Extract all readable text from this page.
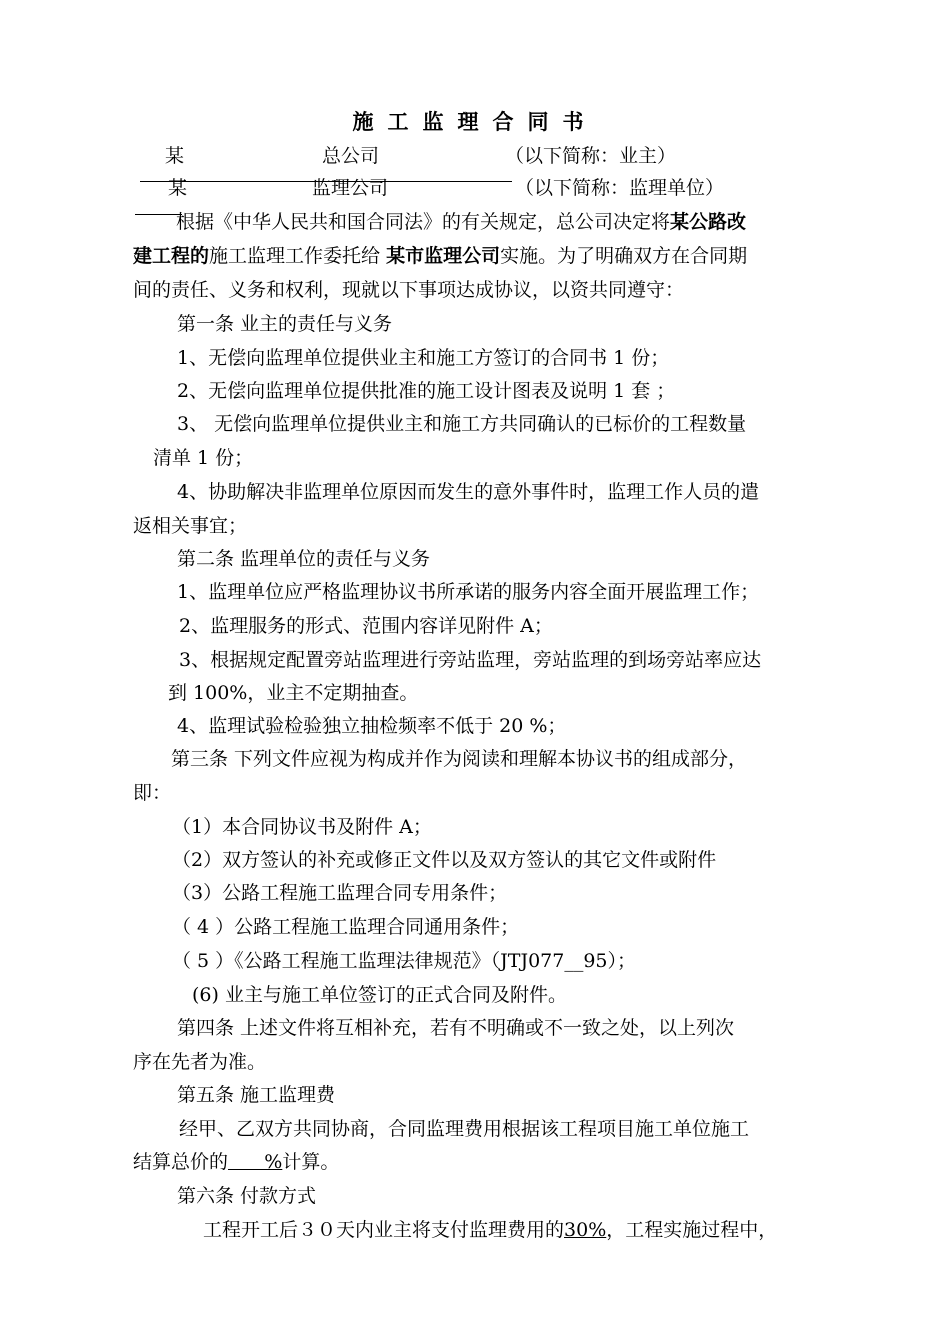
施工监理合同书
某	总公司	（以下简称：业主）
某	监理公司	（以下简称：监理单位）
根据《中华人民共和国合同法》的有关规定，总公司决定将某公路改
建工程的施工监理工作委托给 某市监理公司实施。为了明确双方在合同期
间的责任、义务和权利，现就以下事项达成协议，以资共同遵守：
第一条 业主的责任与义务
1、无偿向监理单位提供业主和施工方签订的合同书 1 份；
2、无偿向监理单位提供批准的施工设计图表及说明 1 套 ；
3、 无偿向监理单位提供业主和施工方共同确认的已标价的工程数量
清单 1 份；
4、协助解决非监理单位原因而发生的意外事件时，监理工作人员的遣
返相关事宜；
第二条 监理单位的责任与义务
1、监理单位应严格监理协议书所承诺的服务内容全面开展监理工作；
2、监理服务的形式、范围内容详见附件 A；
3、根据规定配置旁站监理进行旁站监理，旁站监理的到场旁站率应达
到 100%，业主不定期抽查。
4、监理试验检验独立抽检频率不低于 20 %；
第三条 下列文件应视为构成并作为阅读和理解本协议书的组成部分，
即：
（1）本合同协议书及附件 A；
（2）双方签认的补充或修正文件以及双方签认的其它文件或附件
（3）公路工程施工监理合同专用条件；
（ 4 ）公路工程施工监理合同通用条件；
（ 5 ）《公路工程施工监理法律规范》（JTJ077__95）；
(6) 业主与施工单位签订的正式合同及附件。
第四条 上述文件将互相补充，若有不明确或不一致之处，以上列次
序在先者为准。
第五条 施工监理费
经甲、乙双方共同协商，合同监理费用根据该工程项目施工单位施工
结算总价的      %计算。
第六条 付款方式
工程开工后３０天内业主将支付监理费用的30%，工程实施过程中，
